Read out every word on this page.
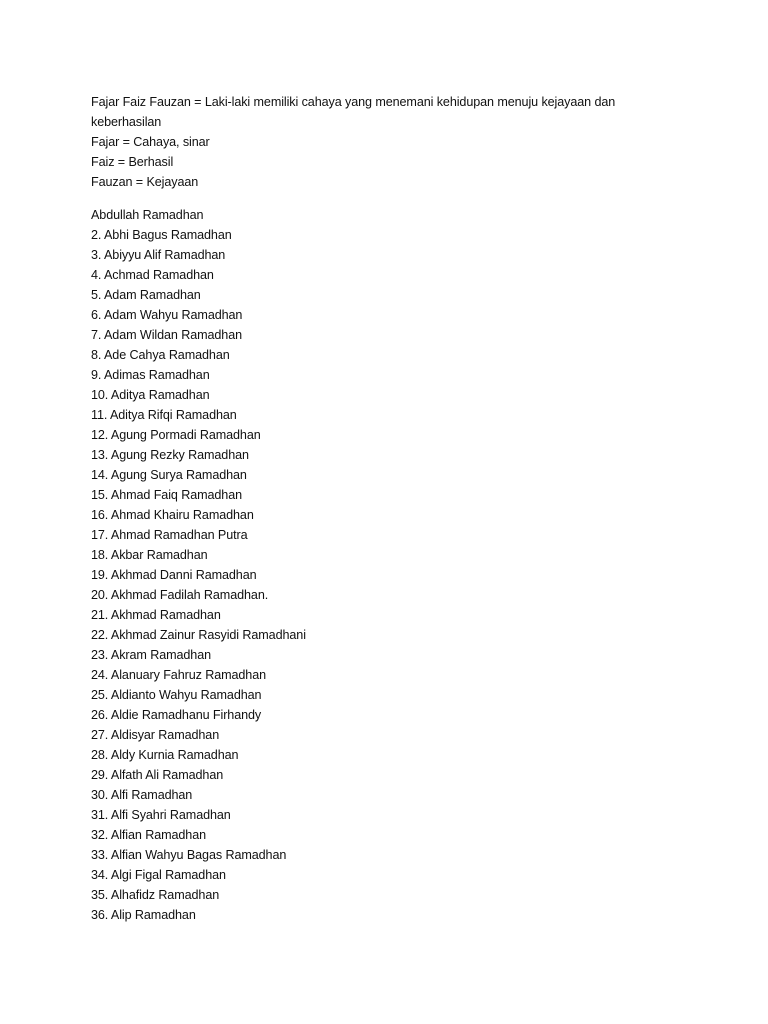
Fajar Faiz Fauzan = Laki-laki memiliki cahaya yang menemani kehidupan menuju kejayaan dan keberhasilan
Fajar = Cahaya, sinar
Faiz = Berhasil
Fauzan = Kejayaan
Abdullah Ramadhan
2. Abhi Bagus Ramadhan
3. Abiyyu Alif Ramadhan
4. Achmad Ramadhan
5. Adam Ramadhan
6. Adam Wahyu Ramadhan
7. Adam Wildan Ramadhan
8. Ade Cahya Ramadhan
9. Adimas Ramadhan
10. Aditya Ramadhan
11. Aditya Rifqi Ramadhan
12. Agung Pormadi Ramadhan
13. Agung Rezky Ramadhan
14. Agung Surya Ramadhan
15. Ahmad Faiq Ramadhan
16. Ahmad Khairu Ramadhan
17. Ahmad Ramadhan Putra
18. Akbar Ramadhan
19. Akhmad Danni Ramadhan
20. Akhmad Fadilah Ramadhan.
21. Akhmad Ramadhan
22. Akhmad Zainur Rasyidi Ramadhani
23. Akram Ramadhan
24. Alanuary Fahruz Ramadhan
25. Aldianto Wahyu Ramadhan
26. Aldie Ramadhanu Firhandy
27. Aldisyar Ramadhan
28. Aldy Kurnia Ramadhan
29. Alfath Ali Ramadhan
30. Alfi Ramadhan
31. Alfi Syahri Ramadhan
32. Alfian Ramadhan
33. Alfian Wahyu Bagas Ramadhan
34. Algi Figal Ramadhan
35. Alhafidz Ramadhan
36. Alip Ramadhan
